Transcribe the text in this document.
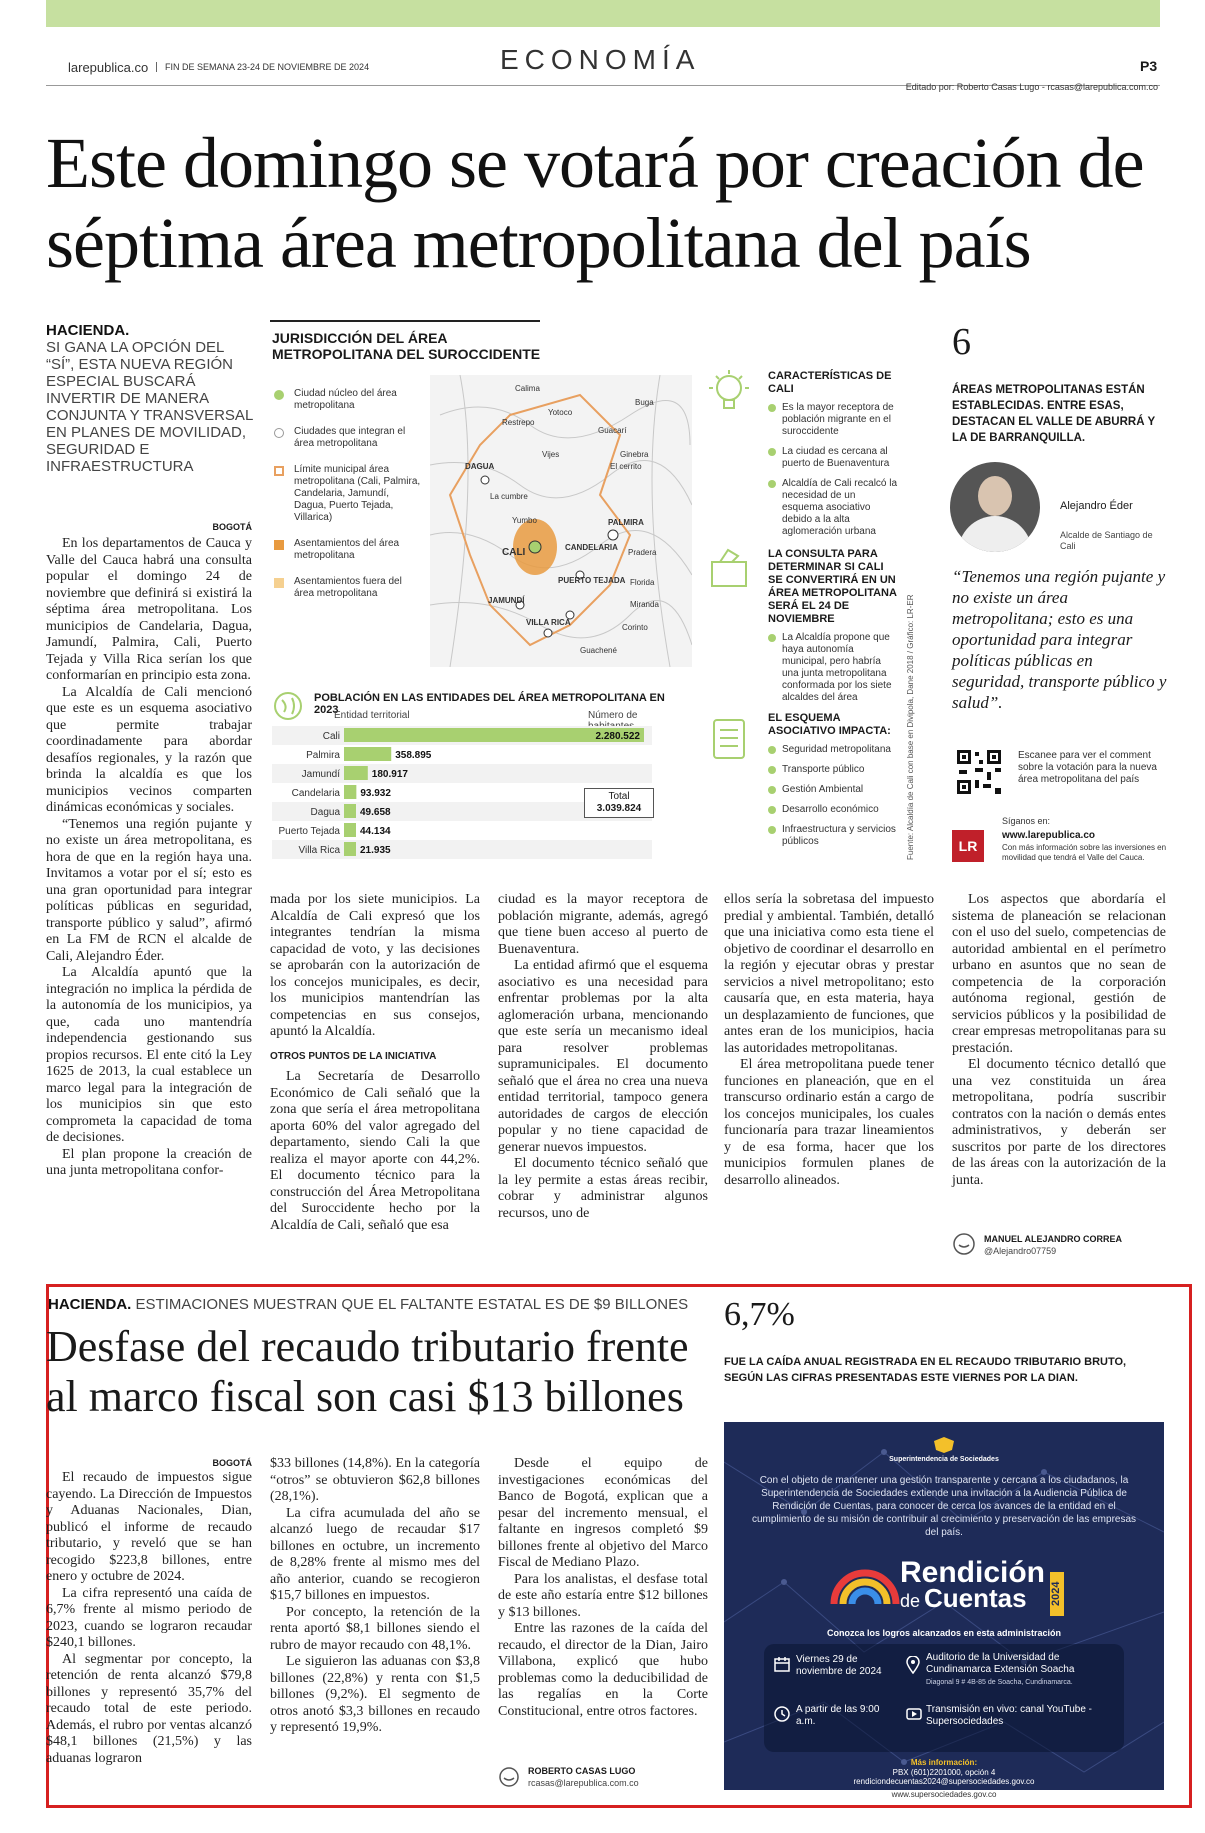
larepublica.co	FIN DE SEMANA 23-24 DE NOVIEMBRE DE 2024	ECONOMÍA	P3
Editado por: Roberto Casas Lugo - rcasas@larepublica.com.co
Este domingo se votará por creación de séptima área metropolitana del país
HACIENDA.
SI GANA LA OPCIÓN DEL “SÍ”, ESTA NUEVA REGIÓN ESPECIAL BUSCARÁ INVERTIR DE MANERA CONJUNTA Y TRANSVERSAL EN PLANES DE MOVILIDAD, SEGURIDAD E INFRAESTRUCTURA
BOGOTÁ

En los departamentos de Cauca y Valle del Cauca habrá una consulta popular el domingo 24 de noviembre que definirá si existirá la séptima área metropolitana. Los municipios de Candelaria, Dagua, Jamundí, Palmira, Cali, Puerto Tejada y Villa Rica serían los que conformarían en principio esta zona.

La Alcaldía de Cali mencionó que este es un esquema asociativo que permite trabajar coordinadamente para abordar desafíos regionales, y la razón que brinda la alcaldía es que los municipios vecinos comparten dinámicas económicas y sociales.

“Tenemos una región pujante y no existe un área metropolitana, es hora de que en la región haya una. Invitamos a votar por el sí; esto es una gran oportunidad para integrar políticas públicas en seguridad, transporte público y salud”, afirmó en La FM de RCN el alcalde de Cali, Alejandro Éder.

La Alcaldía apuntó que la integración no implica la pérdida de la autonomía de los municipios, ya que, cada uno mantendría independencia gestionando sus propios recursos. El ente citó la Ley 1625 de 2013, la cual establece un marco legal para la integración de los municipios sin que esto comprometa la capacidad de toma de decisiones.

El plan propone la creación de una junta metropolitana confor-

JURISDICCIÓN DEL ÁREA METROPOLITANA DEL SUROCCIDENTE
Ciudad núcleo del área metropolitana
Ciudades que integran el área metropolitana
Límite municipal área metropolitana (Cali, Palmira, Candelaria, Jamundí, Dagua, Puerto Tejada, Villarica)
Asentamientos del área metropolitana
Asentamientos fuera del área metropolitana
Calima
Buga
Restrepo
Yotoco
Guacarí
Vijes	Ginebra
El cerrito
DAGUA
La cumbre
Yumbo	PALMIRA
CALI	CANDELARIA
Pradera
PUERTO TEJADA Florida
JAMUNDÍ	Miranda
VILLA RICA
Corinto
Guachené
POBLACIÓN EN LAS ENTIDADES DEL ÁREA METROPOLITANA EN 2023
Entidad territorial	Número de
Cali	2.280.522
Palmira	358.895
Jamundí	180.917
Candelaria 93.932
Dagua 49.658
Puerto Tejada 44.134
Villa Rica 21.935
Total
3.039.824
CARACTERÍSTICAS DE CALI
Es la mayor receptora de población migrante en el suroccidente
La ciudad es cercana al puerto de Buenaventura
Alcaldía de Cali recalcó la necesidad de un esquema asociativo debido a la alta aglomeración urbana
LA CONSULTA PARA DETERMINAR SI CALI SE CONVERTIRÁ EN UN ÁREA METROPOLITANA SERÁ EL 24 DE NOVIEMBRE
La Alcaldía propone que haya autonomía municipal, pero habría una junta metropolitana conformada por los siete alcaldes del área
EL ESQUEMA ASOCIATIVO IMPACTA:
Seguridad metropolitana
Transporte público
Gestión Ambiental
Desarrollo económico
Infraestructura y servicios públicos	Fuente: Alcaldía de Cali con base en Divipola, Dane 2018 / Gráfico: LR-ER
6
ÁREAS METROPOLITANAS ESTÁN ESTABLECIDAS. ENTRE ESAS, DESTACAN EL VALLE DE ABURRÁ Y LA DE BARRANQUILLA.
Alejandro Éder
Alcalde de Santiago de Cali
“Tenemos una región pujante y no existe un área metropolitana; esto es una oportunidad para integrar políticas públicas en seguridad, transporte público y salud”.
Escanee para ver el comment sobre la votación para la nueva área metropolitana del país
Síganos en:
LR
www.larepublica.co
Con más información sobre las inversiones en movilidad que tendrá el Valle del Cauca.

mada por los siete municipios. La Alcaldía de Cali expresó que los integrantes tendrían la misma capacidad de voto, y las decisiones se aprobarán con la autorización de los concejos municipales, es decir, los municipios mantendrían las competencias en sus consejos, apuntó la Alcaldía.

OTROS PUNTOS DE LA INICIATIVA

La Secretaría de Desarrollo Económico de Cali señaló que la zona que sería el área metropolitana aporta 60% del valor agregado del departamento, siendo Cali la que realiza el mayor aporte con 44,2%. El documento técnico para la construcción del Área Metropolitana del Suroccidente hecho por la Alcaldía de Cali, señaló que esa

ciudad es la mayor receptora de población migrante, además, agregó que tiene buen acceso al puerto de Buenaventura.

La entidad afirmó que el esquema asociativo es una necesidad para enfrentar problemas por la alta aglomeración urbana, mencionando que este sería un mecanismo ideal para resolver problemas supramunicipales. El documento señaló que el área no crea una nueva entidad territorial, tampoco genera autoridades de cargos de elección popular y no tiene capacidad de generar nuevos impuestos.

El documento técnico señaló que la ley permite a estas áreas recibir, cobrar y administrar algunos recursos, uno de

ellos sería la sobretasa del impuesto predial y ambiental. También, detalló que una iniciativa como esta tiene el objetivo de coordinar el desarrollo en la región y ejecutar obras y prestar servicios a nivel metropolitano; esto causaría que, en esta materia, haya un desplazamiento de funciones, que antes eran de los municipios, hacia las autoridades metropolitanas.

El área metropolitana puede tener funciones en planeación, que en el transcurso ordinario están a cargo de los concejos municipales, los cuales funcionaría para trazar lineamientos y de esa forma, hacer que los municipios formulen planes de desarrollo alineados.

Los aspectos que abordaría el sistema de planeación se relacionan con el uso del suelo, competencias de autoridad ambiental en el perímetro urbano en asuntos que no sean de competencia de la corporación autónoma regional, gestión de servicios públicos y la posibilidad de crear empresas metropolitanas para su prestación.

El documento técnico detalló que una vez constituida un área metropolitana, podría suscribir contratos con la nación o demás entes administrativos, y deberán ser suscritos por parte de los directores de las áreas con la autorización de la junta.

MANUEL ALEJANDRO CORREA
@Alejandro07759
HACIENDA. ESTIMACIONES MUESTRAN QUE EL FALTANTE ESTATAL ES DE $9 BILLONES
Desfase del recaudo tributario frente al marco fiscal son casi $13 billones
BOGOTÁ

El recaudo de impuestos sigue cayendo. La Dirección de Impuestos y Aduanas Nacionales, Dian, publicó el informe de recaudo tributario, y reveló que se han recogido $223,8 billones, entre enero y octubre de 2024.

La cifra representó una caída de 6,7% frente al mismo periodo de 2023, cuando se lograron recaudar $240,1 billones.

Al segmentar por concepto, la retención de renta alcanzó $79,8 billones y representó 35,7% del recaudo total de este periodo. Además, el rubro por ventas alcanzó $48,1 billones (21,5%) y las aduanas lograron

$33 billones (14,8%). En la categoría “otros” se obtuvieron $62,8 billones (28,1%).

La cifra acumulada del año se alcanzó luego de recaudar $17 billones en octubre, un incremento de 8,28% frente al mismo mes del año anterior, cuando se recogieron $15,7 billones en impuestos.

Por concepto, la retención de la renta aportó $8,1 billones siendo el rubro de mayor recaudo con 48,1%.

Le siguieron las aduanas con $3,8 billones (22,8%) y renta con $1,5 billones (9,2%). El segmento de otros anotó $3,3 billones en recaudo y representó 19,9%.

Desde el equipo de investigaciones económicas del Banco de Bogotá, explican que a pesar del incremento mensual, el faltante en ingresos completó $9 billones frente al objetivo del Marco Fiscal de Mediano Plazo.

Para los analistas, el desfase total de este año estaría entre $12 billones y $13 billones.

Entre las razones de la caída del recaudo, el director de la Dian, Jairo Villabona, explicó que hubo problemas como la deducibilidad de las regalías en la Corte Constitucional, entre otros factores.

ROBERTO CASAS LUGO
rcasas@larepublica.com.co
6,7%
FUE LA CAÍDA ANUAL REGISTRADA EN EL RECAUDO TRIBUTARIO BRUTO, SEGÚN LAS CIFRAS PRESENTADAS ESTE VIERNES POR LA DIAN.
Superintendencia de Sociedades
Con el objeto de mantener una gestión transparente y cercana a los ciudadanos, la Superintendencia de Sociedades extiende una invitación a la Audiencia Pública de Rendición de Cuentas, para conocer de cerca los avances de la entidad en el cumplimiento de su misión de contribuir al crecimiento y preservación de las empresas del país.
Rendición
de Cuentas 2024
Conozca los logros alcanzados en esta administración
Viernes 29 de noviembre de 2024
Auditorio de la Universidad de Cundinamarca Extensión Soacha
Diagonal 9 # 4B-85 de Soacha, Cundinamarca.
A partir de las 9:00 a.m.
Transmisión en vivo: canal YouTube - Supersociedades
Más información:
PBX (601)2201000, opción 4
rendiciondecuentas2024@supersociedades.gov.co
www.supersociedades.gov.co
